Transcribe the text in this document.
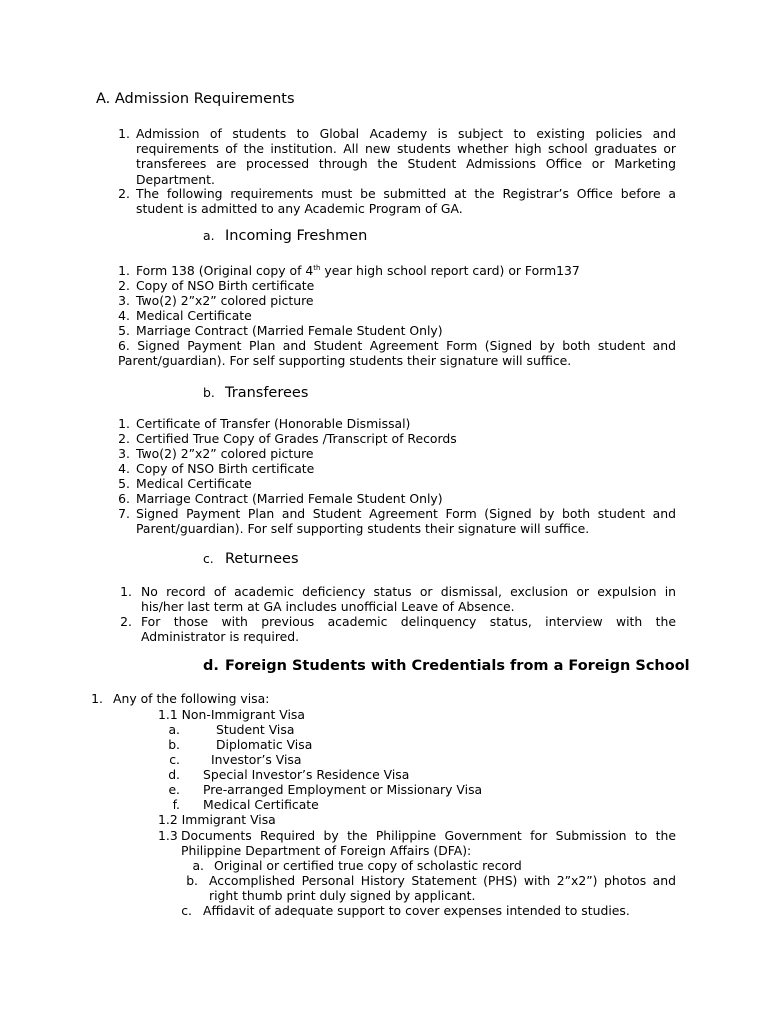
A. Admission Requirements
1. Admission of students to Global Academy is subject to existing policies and
requirements of the institution. All new students whether high school graduates or
transferees are processed through the Student Admissions Office or Marketing
Department.
2. The following requirements must be submitted at the Registrar’s Office before a
student is admitted to any Academic Program of GA.
a. Incoming Freshmen
1. Form 138 (Original copy of 4th year high school report card) or Form137
2. Copy of NSO Birth certificate
3. Two(2) 2”x2” colored picture
4. Medical Certificate
5. Marriage Contract (Married Female Student Only)
6. Signed Payment Plan and Student Agreement Form (Signed by both student and
Parent/guardian). For self supporting students their signature will suffice.
b. Transferees
1. Certificate of Transfer (Honorable Dismissal)
2. Certified True Copy of Grades /Transcript of Records
3. Two(2) 2”x2” colored picture
4. Copy of NSO Birth certificate
5. Medical Certificate
6. Marriage Contract (Married Female Student Only)
7. Signed Payment Plan and Student Agreement Form (Signed by both student and
Parent/guardian). For self supporting students their signature will suffice.
c. Returnees
1. No record of academic deficiency status or dismissal, exclusion or expulsion in
his/her last term at GA includes unofficial Leave of Absence.
2. For those with previous academic delinquency status, interview with the
Administrator is required.
d. Foreign Students with Credentials from a Foreign School
1. Any of the following visa:
1.1 Non-Immigrant Visa
a.	Student Visa
b.	Diplomatic Visa
c.	Investor’s Visa
d. Special Investor’s Residence Visa
e. Pre-arranged Employment or Missionary Visa
f. Medical Certificate
1.2 Immigrant Visa
1.3 Documents Required by the Philippine Government for Submission to the
Philippine Department of Foreign Affairs (DFA):
a. Original or certified true copy of scholastic record
b. Accomplished Personal History Statement (PHS) with 2”x2”) photos and
right thumb print duly signed by applicant.
c. Affidavit of adequate support to cover expenses intended to studies.
